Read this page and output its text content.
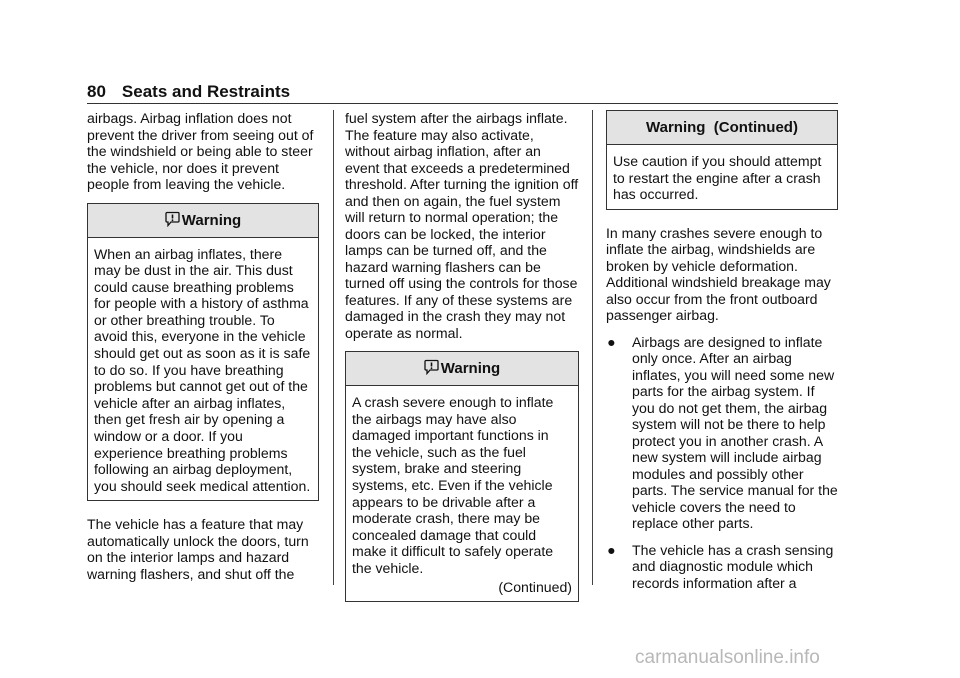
80 Seats and Restraints

airbags. Airbag inflation does not prevent the driver from seeing out of the windshield or being able to steer the vehicle, nor does it prevent people from leaving the vehicle.

Warning
When an airbag inflates, there may be dust in the air. This dust could cause breathing problems for people with a history of asthma or other breathing trouble. To avoid this, everyone in the vehicle should get out as soon as it is safe to do so. If you have breathing problems but cannot get out of the vehicle after an airbag inflates, then get fresh air by opening a window or a door. If you experience breathing problems following an airbag deployment, you should seek medical attention.

The vehicle has a feature that may automatically unlock the doors, turn on the interior lamps and hazard warning flashers, and shut off the

fuel system after the airbags inflate. The feature may also activate, without airbag inflation, after an event that exceeds a predetermined threshold. After turning the ignition off and then on again, the fuel system will return to normal operation; the doors can be locked, the interior lamps can be turned off, and the hazard warning flashers can be turned off using the controls for those features. If any of these systems are damaged in the crash they may not operate as normal.

Warning
A crash severe enough to inflate the airbags may have also damaged important functions in the vehicle, such as the fuel system, brake and steering systems, etc. Even if the vehicle appears to be drivable after a moderate crash, there may be concealed damage that could make it difficult to safely operate the vehicle.
(Continued)
Warning  (Continued)
Use caution if you should attempt to restart the engine after a crash has occurred.

In many crashes severe enough to inflate the airbag, windshields are broken by vehicle deformation. Additional windshield breakage may also occur from the front outboard passenger airbag.

● Airbags are designed to inflate only once. After an airbag inflates, you will need some new parts for the airbag system. If you do not get them, the airbag system will not be there to help protect you in another crash. A new system will include airbag modules and possibly other parts. The service manual for the vehicle covers the need to replace other parts.
● The vehicle has a crash sensing and diagnostic module which records information after a
carmanualsonline.info
